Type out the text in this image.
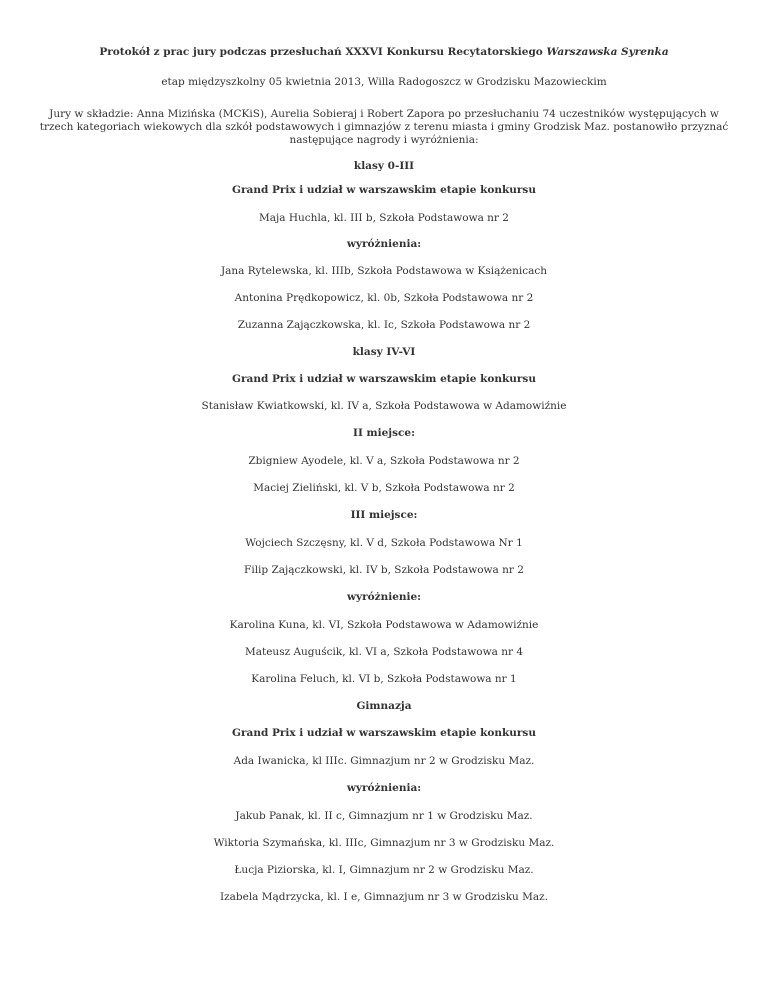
Protokół z prac jury podczas przesłuchań XXXVI Konkursu Recytatorskiego Warszawska Syrenka
etap międzyszkolny 05 kwietnia 2013, Willa Radogoszcz w Grodzisku Mazowieckim
Jury w składzie: Anna Mizińska (MCKiS), Aurelia Sobieraj i Robert Zapora po przesłuchaniu 74 uczestników występujących w
trzech kategoriach wiekowych dla szkół podstawowych i gimnazjów z terenu miasta i gminy Grodzisk Maz. postanowiło przyznać
następujące nagrody i wyróżnienia:
klasy 0-III
Grand Prix i udział w warszawskim etapie konkursu
Maja Huchla, kl. III b, Szkoła Podstawowa nr 2
wyróżnienia:
Jana Rytelewska, kl. IIIb, Szkoła Podstawowa w Książenicach
Antonina Prędkopowicz, kl. 0b, Szkoła Podstawowa nr 2
Zuzanna Zajączkowska, kl. Ic, Szkoła Podstawowa nr 2
klasy IV-VI
Grand Prix i udział w warszawskim etapie konkursu
Stanisław Kwiatkowski, kl. IV a, Szkoła Podstawowa w Adamowiźnie
II miejsce:
Zbigniew Ayodele, kl. V a, Szkoła Podstawowa nr 2
Maciej Zieliński, kl. V b, Szkoła Podstawowa nr 2
III miejsce:
Wojciech Szczęsny, kl. V d, Szkoła Podstawowa Nr 1
Filip Zajączkowski, kl. IV b, Szkoła Podstawowa nr 2
wyróżnienie:
Karolina Kuna, kl. VI, Szkoła Podstawowa w Adamowiźnie
Mateusz Auguścik, kl. VI a, Szkoła Podstawowa nr 4
Karolina Feluch, kl. VI b, Szkoła Podstawowa nr 1
Gimnazja
Grand Prix i udział w warszawskim etapie konkursu
Ada Iwanicka, kl IIIc. Gimnazjum nr 2 w Grodzisku Maz.
wyróżnienia:
Jakub Panak, kl. II c, Gimnazjum nr 1 w Grodzisku Maz.
Wiktoria Szymańska, kl. IIIc, Gimnazjum nr 3 w Grodzisku Maz.
Łucja Piziorska, kl. I, Gimnazjum nr 2 w Grodzisku Maz.
Izabela Mądrzycka, kl. I e, Gimnazjum nr 3 w Grodzisku Maz.
